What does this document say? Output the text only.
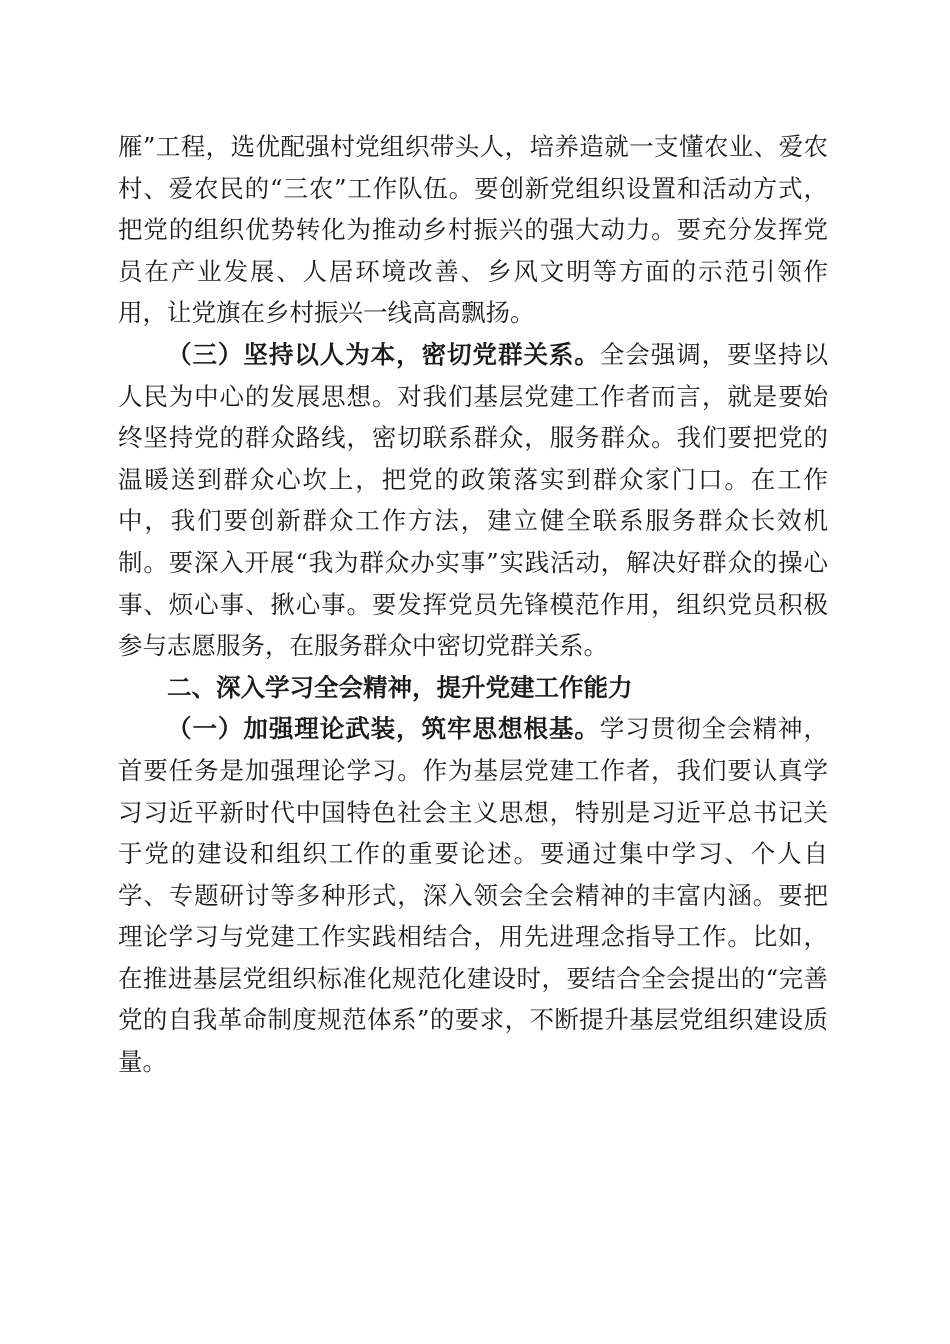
雁”工程，选优配强村党组织带头人，培养造就一支懂农业、爱农村、爱农民的“三农”工作队伍。要创新党组织设置和活动方式，把党的组织优势转化为推动乡村振兴的强大动力。要充分发挥党员在产业发展、人居环境改善、乡风文明等方面的示范引领作用，让党旗在乡村振兴一线高高飘扬。

（三）坚持以人为本，密切党群关系。全会强调，要坚持以人民为中心的发展思想。对我们基层党建工作者而言，就是要始终坚持党的群众路线，密切联系群众，服务群众。我们要把党的温暖送到群众心坎上，把党的政策落实到群众家门口。在工作中，我们要创新群众工作方法，建立健全联系服务群众长效机制。要深入开展“我为群众办实事”实践活动，解决好群众的操心事、烦心事、揪心事。要发挥党员先锋模范作用，组织党员积极参与志愿服务，在服务群众中密切党群关系。

二、深入学习全会精神，提升党建工作能力

（一）加强理论武装，筑牢思想根基。学习贯彻全会精神，首要任务是加强理论学习。作为基层党建工作者，我们要认真学习习近平新时代中国特色社会主义思想，特别是习近平总书记关于党的建设和组织工作的重要论述。要通过集中学习、个人自学、专题研讨等多种形式，深入领会全会精神的丰富内涵。要把理论学习与党建工作实践相结合，用先进理念指导工作。比如，在推进基层党组织标准化规范化建设时，要结合全会提出的“完善党的自我革命制度规范体系”的要求，不断提升基层党组织建设质量。
